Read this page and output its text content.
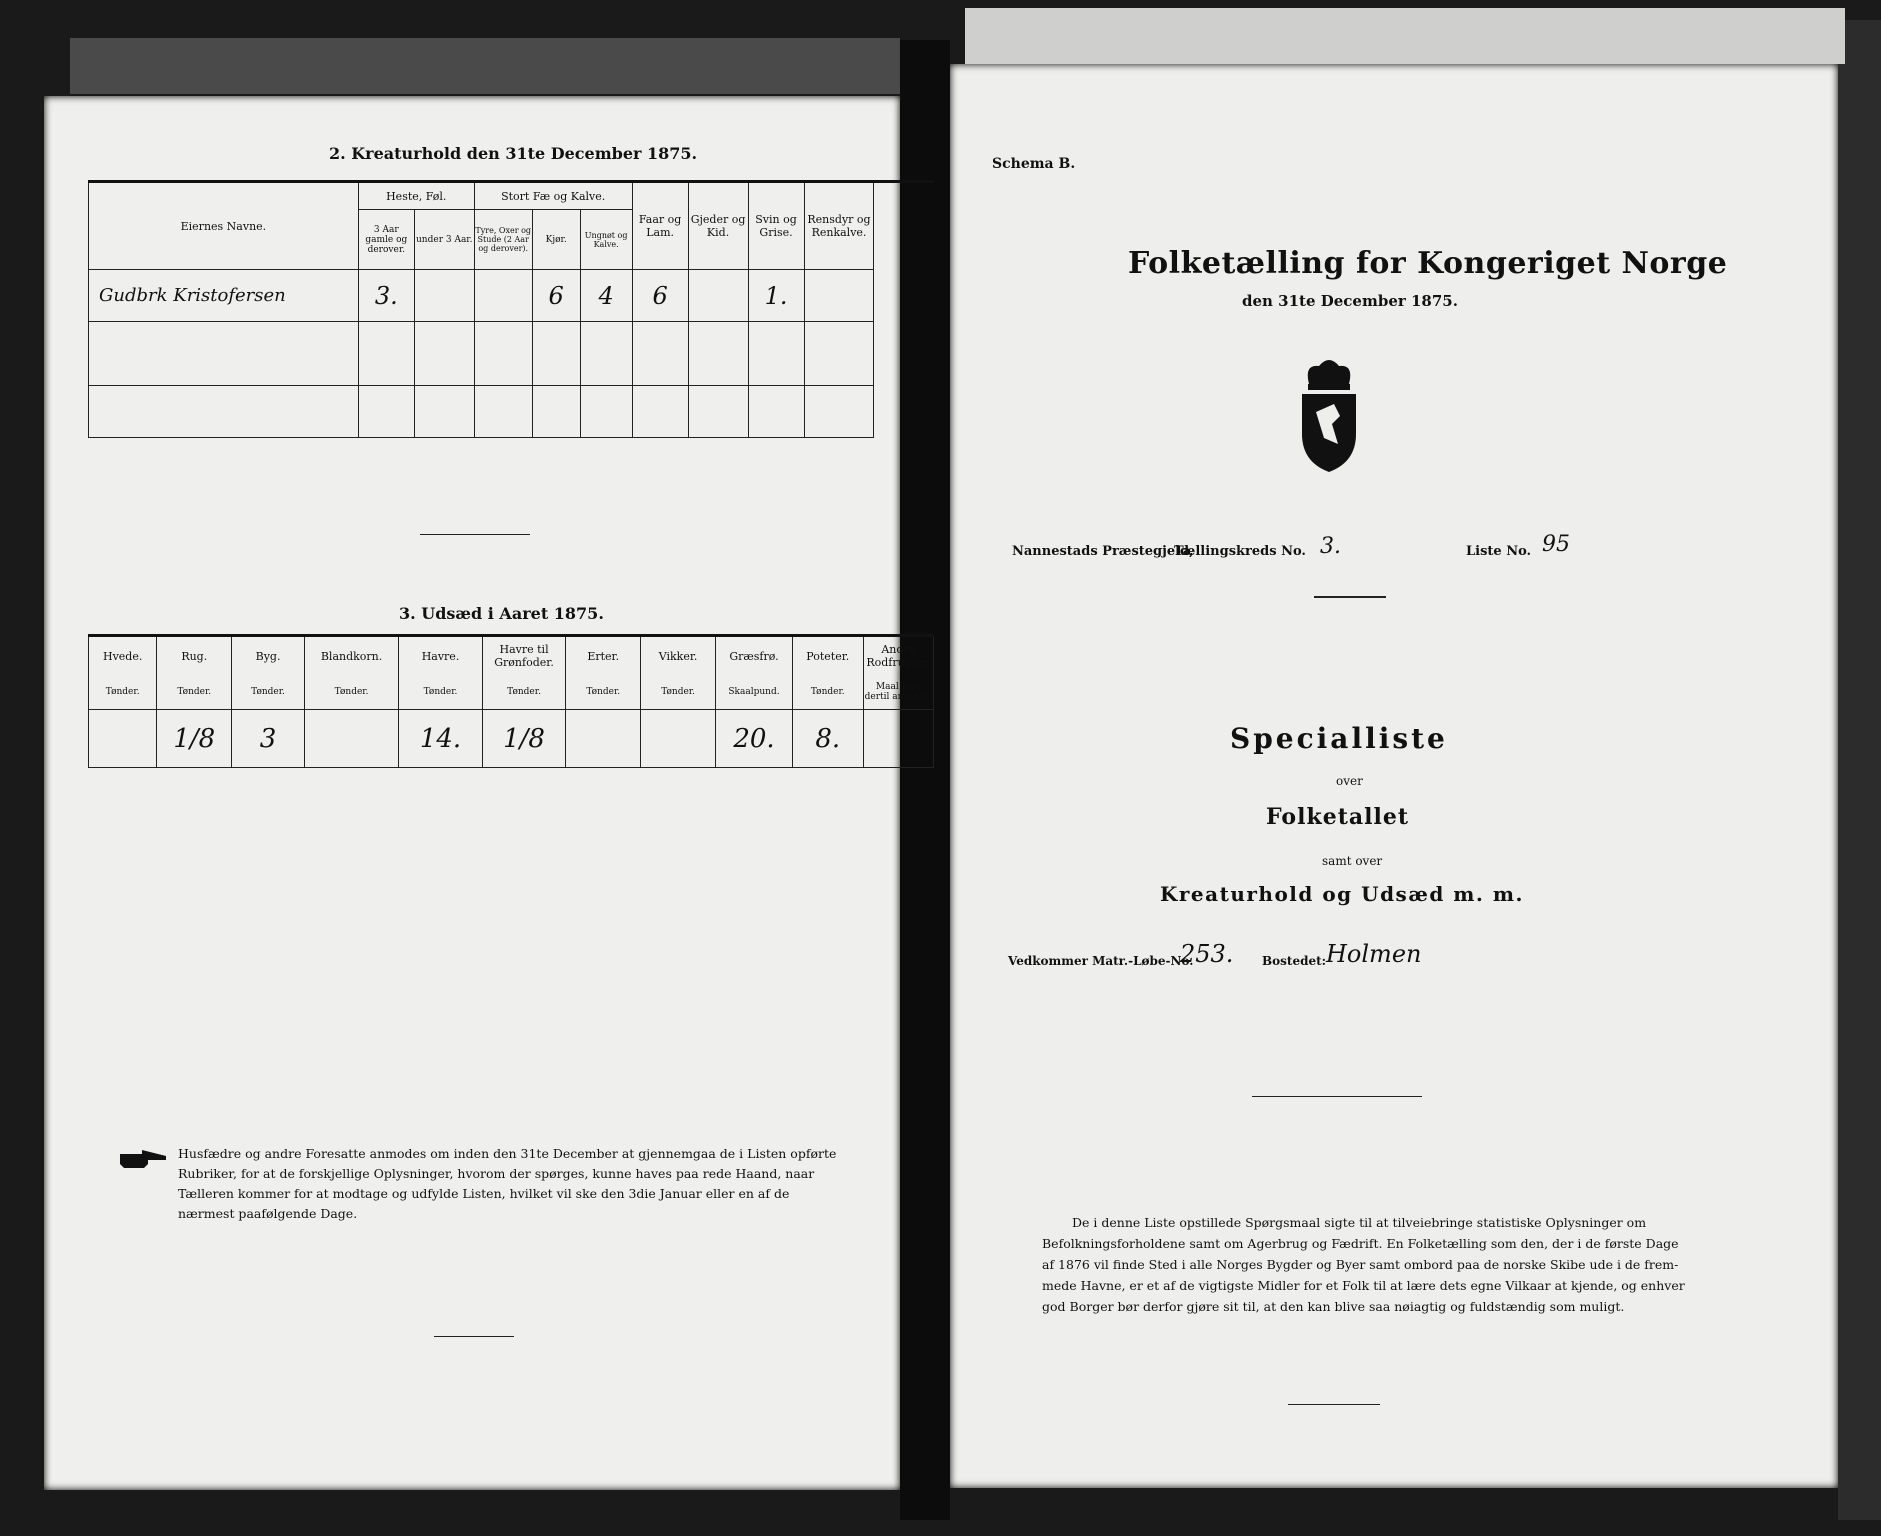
2. Kreaturhold den 31te December 1875.
Eiernes Navne.	Heste, Føl.		Stort Fæ og Kalve.			Faar og Lam.	Gjeder og Kid.	Svin og Grise.	Rensdyr og Renkalve.	
	3 Aar gamle og derover.	under 3 Aar.	Tyre, Oxer og Stude (2 Aar og derover).	Kjør.	Ungnøt og Kalve.					
Gudbrk Kristofersen	3.			6	4	6		1.		

3. Udsæd i Aaret 1875.
Hvede.	Rug.	Byg.	Blandkorn.	Havre.	Havre til Grønfoder.	Erter.	Vikker.	Græsfrø.	Poteter.	Andre Rodfrugter.
Tønder.	Tønder.	Tønder.	Tønder.	Tønder.	Tønder.	Tønder.	Tønder.	Skaalpund.	Tønder.	Maal Jord dertil anvendt.
	1/8	3		14.	1/8			20.	8.	
Husfædre og andre Foresatte anmodes om inden den 31te December at gjennemgaa de i Listen opførte
Rubriker, for at de forskjellige Oplysninger, hvorom der spørges, kunne haves paa rede Haand, naar
Tælleren kommer for at modtage og udfylde Listen, hvilket vil ske den 3die Januar eller en af de
nærmest paafølgende Dage.
Schema B.
Folketælling for Kongeriget Norge
den 31te December 1875.
Nannestads Præstegjeld,
Tællingskreds No. 3.	Liste No. 95
Specialliste
over
Folketallet
samt over
Kreaturhold og Udsæd m. m.
Vedkommer Matr.-Løbe-No.
253. Bostedet: Holmen
De i denne Liste opstillede Spørgsmaal sigte til at tilveiebringe statistiske Oplysninger om
Befolkningsforholdene samt om Agerbrug og Fædrift. En Folketælling som den, der i de første Dage
af 1876 vil finde Sted i alle Norges Bygder og Byer samt ombord paa de norske Skibe ude i de frem-
mede Havne, er et af de vigtigste Midler for et Folk til at lære dets egne Vilkaar at kjende, og enhver
god Borger bør derfor gjøre sit til, at den kan blive saa nøiagtig og fuldstændig som muligt.
